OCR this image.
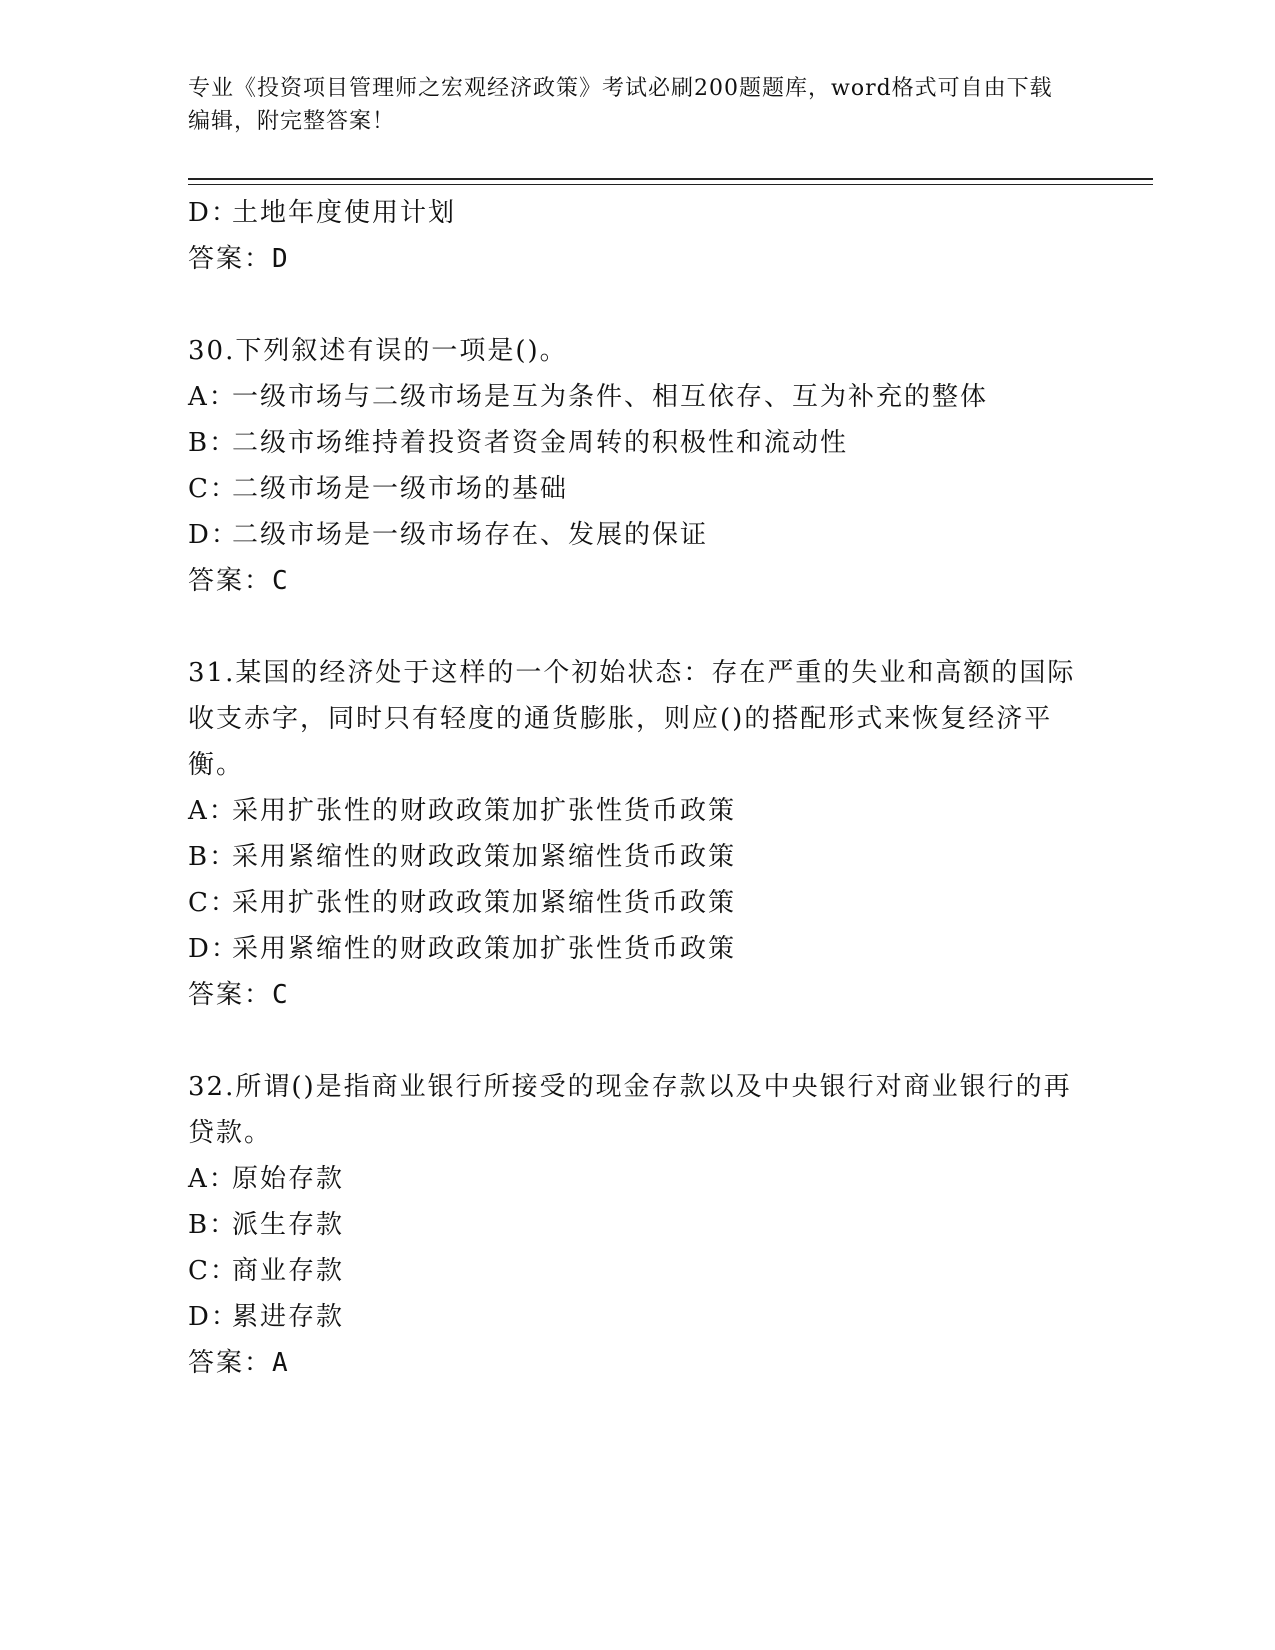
专业《投资项目管理师之宏观经济政策》考试必刷200题题库，word格式可自由下载编辑，附完整答案！
D：土地年度使用计划
答案：D
30.下列叙述有误的一项是()。
A：一级市场与二级市场是互为条件、相互依存、互为补充的整体
B：二级市场维持着投资者资金周转的积极性和流动性
C：二级市场是一级市场的基础
D：二级市场是一级市场存在、发展的保证
答案：C
31.某国的经济处于这样的一个初始状态：存在严重的失业和高额的国际收支赤字，同时只有轻度的通货膨胀，则应()的搭配形式来恢复经济平衡。
A：采用扩张性的财政政策加扩张性货币政策
B：采用紧缩性的财政政策加紧缩性货币政策
C：采用扩张性的财政政策加紧缩性货币政策
D：采用紧缩性的财政政策加扩张性货币政策
答案：C
32.所谓()是指商业银行所接受的现金存款以及中央银行对商业银行的再贷款。
A：原始存款
B：派生存款
C：商业存款
D：累进存款
答案：A
